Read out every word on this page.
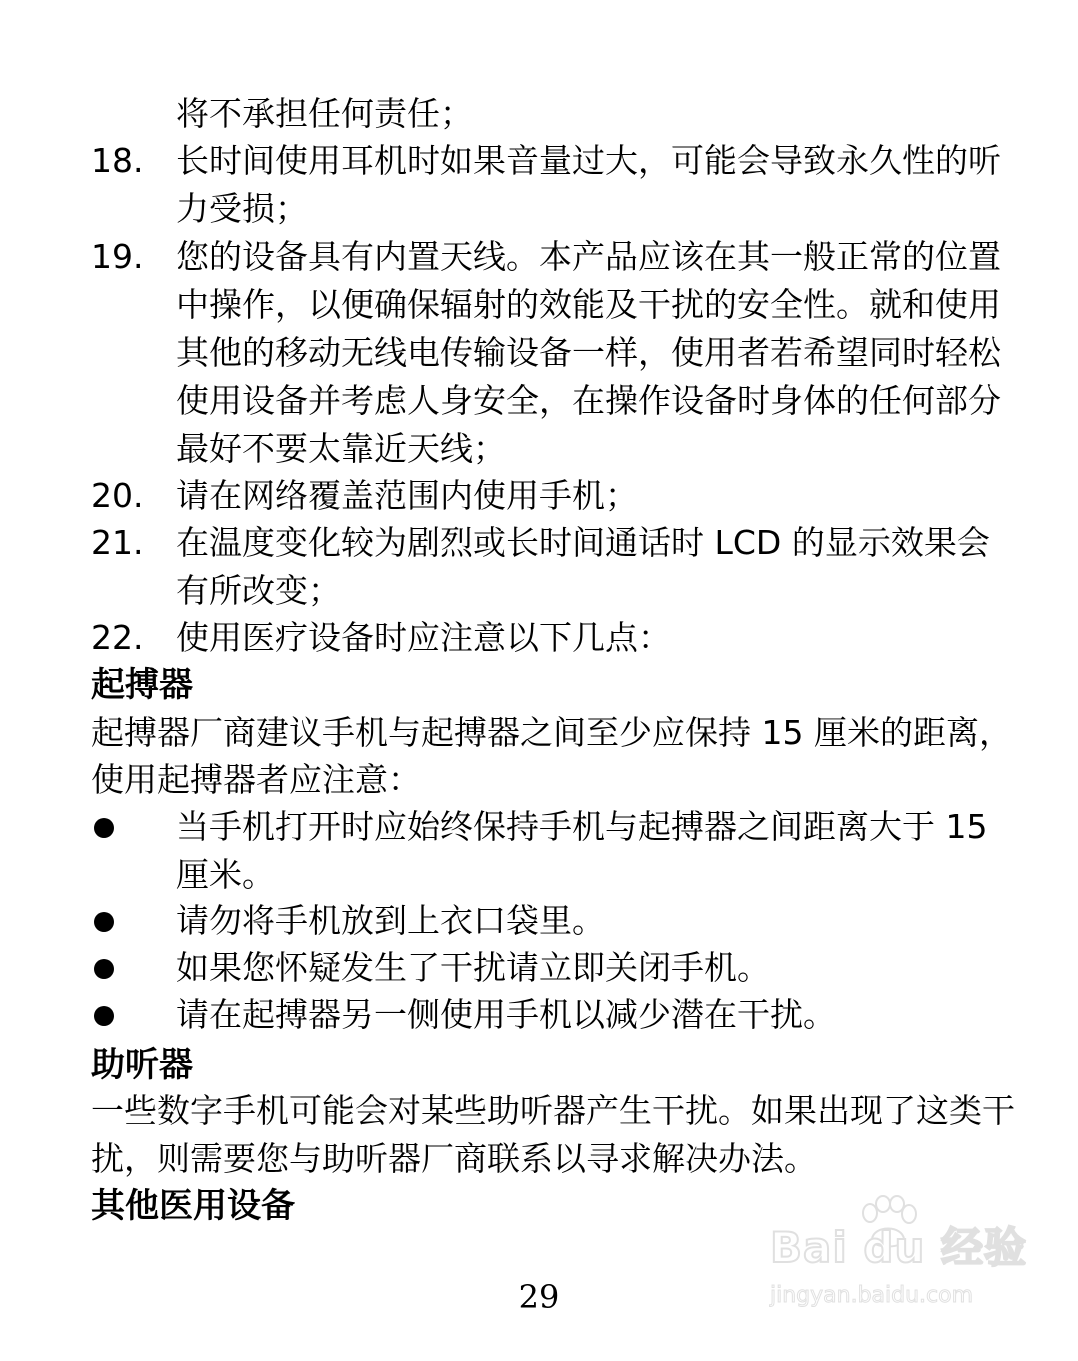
将不承担任何责任；
18. 长时间使用耳机时如果音量过大，可能会导致永久性的听
力受损；
19. 您的设备具有内置天线。本产品应该在其一般正常的位置
中操作，以便确保辐射的效能及干扰的安全性。就和使用
其他的移动无线电传输设备一样，使用者若希望同时轻松
使用设备并考虑人身安全，在操作设备时身体的任何部分
最好不要太靠近天线；
20. 请在网络覆盖范围内使用手机；
21. 在温度变化较为剧烈或长时间通话时 LCD 的显示效果会
有所改变；
22. 使用医疗设备时应注意以下几点：
起搏器
起搏器厂商建议手机与起搏器之间至少应保持 15 厘米的距离，
使用起搏器者应注意：
当手机打开时应始终保持手机与起搏器之间距离大于 15
厘米。
请勿将手机放到上衣口袋里。
如果您怀疑发生了干扰请立即关闭手机。
请在起搏器另一侧使用手机以减少潜在干扰。
助听器
一些数字手机可能会对某些助听器产生干扰。如果出现了这类干
扰，则需要您与助听器厂商联系以寻求解决办法。
其他医用设备
29
Bai du 经验
jingyan.baidu.com
